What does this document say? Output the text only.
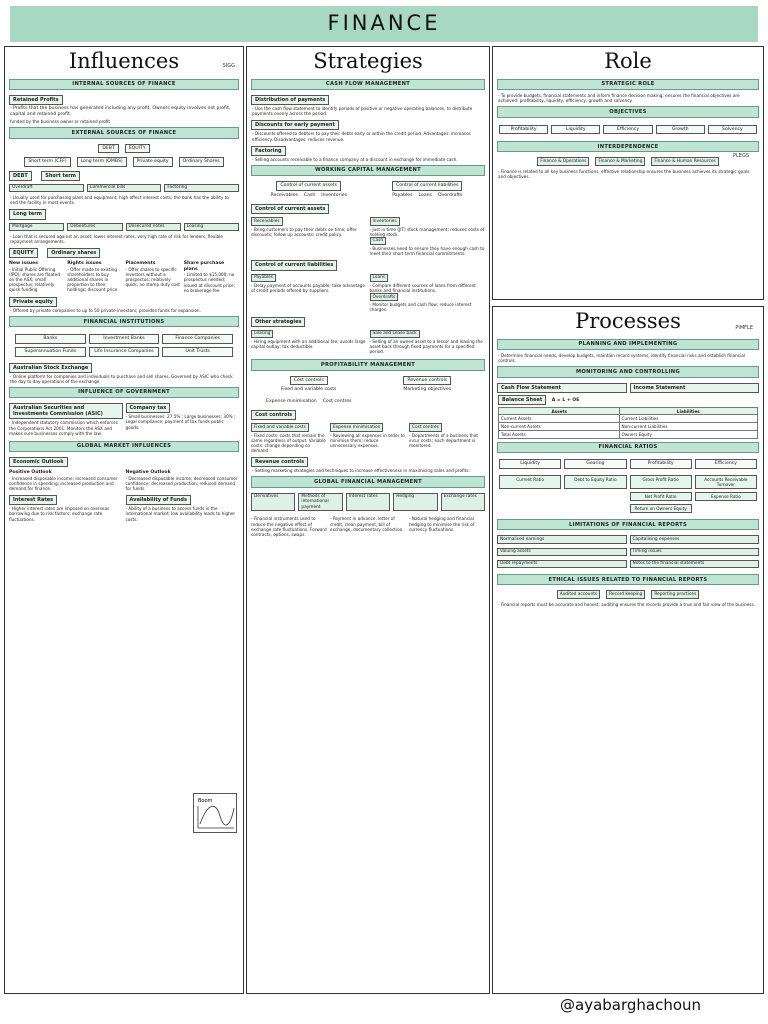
FINANCE
SIGG
Influences
INTERNAL SOURCES OF FINANCE
Retained Profits
- Profits that the business has generated including any profit. Owners equity involves not profit, capital and retained profit.
funded by the business owner or retained profit
EXTERNAL SOURCES OF FINANCE
DEBT	EQUITY
Short term (CFF)	Long term (OMBS)	Private equity	Ordinary Shares
DEBT	Short term
Overdraft	Commercial bills	Factoring
- Usually used for purchasing plant and equipment; high effect interest costs; the bank has the ability to end the facility in most events.
Long term
Mortgage	Debentures	Unsecured notes	Leasing
- Loan that is secured against an asset; lower interest rates, very high rate of risk for lenders, flexible repayment arrangements.
EQUITY	Ordinary shares
New issues
- Initial Public Offering (IPO); shares are floated on the ASX; small prospectus; relatively quick funding
Rights issues
- Offer made to existing shareholders to buy additional shares in proportion to their holdings; discount price
Placements
- Offer shares to specific investors without a prospectus; relatively quick; no stamp duty cost
Share purchase plans
- Limited to $15,000; no prospectus needed; issued at discount price; no brokerage fee
Private equity
- Offered by private companies to up to 50 private investors; provides funds for expansion.
FINANCIAL INSTITUTIONS
Banks	Investment Banks	Finance Companies
Superannuation Funds	Life Insurance Companies	Unit Trusts
Australian Stock Exchange
- Online platform for companies and individuals to purchase and sell shares. Governed by ASIC who check the day to day operations of the exchange.
INFLUENCE OF GOVERNMENT
Australian Securities and Investments Commission (ASIC)
- Independent statutory commission which enforces the Corporations Act 2001. Monitors the ASX and makes sure businesses comply with the law.
Company tax
- Small businesses: 27.5% ; Large businesses: 30% ; Legal compliance; payment of tax funds public goods.
GLOBAL MARKET INFLUENCES
Economic Outlook
Positive Outlook
- Increased disposable income; increased consumer confidence in spending; increased production and demand for finance.
Negative Outlook
- Decreased disposable income; decreased consumer confidence; decreased production; reduced demand for funds.
Interest Rates
- Higher interest rates are imposed on overseas borrowing due to risk factors; exchange rate fluctuations.
Availability of Funds
- Ability of a business to access funds in the international market; low availability leads to higher costs.
Boom
Strategies
CASH FLOW MANAGEMENT
Distribution of payments
- Use the cash flow statement to identify periods of positive or negative operating balances, to distribute payments evenly across the period.
Discounts for early payment
- Discounts offered to debtors to pay their debts early or within the credit period. Advantages: increases efficiency. Disadvantages: reduces revenue.
Factoring
- Selling accounts receivable to a finance company at a discount in exchange for immediate cash.
WORKING CAPITAL MANAGEMENT
Control of current assets
Receivables Cash Inventories
Control of current liabilities
Payables Loans Overdrafts
Control of current assets
Receivables
- Bring customers to pay their debts on time; offer discounts; follow up accounts; credit policy.
Inventories
- Just in time (JIT) stock management; reduces costs of holding stock.
Cash
- Businesses need to ensure they have enough cash to meet their short term financial commitments.
Control of current liabilities
Payables
- Delay payment of accounts payable; take advantage of credit periods offered by suppliers.
Loans
- Compare different sources of loans from different banks and financial institutions.
Overdrafts
- Monitor budgets and cash flow; reduce interest charges.
Other strategies
Leasing
- Hiring equipment with an additional fee; avoids large capital outlay; tax deductible.
Sale and Lease back
- Selling of an owned asset to a lessor and leasing the asset back through fixed payments for a specified period.
PROFITABILITY MANAGEMENT
Cost controls
Fixed and variable costs
Expense minimisation Cost centres
Revenue controls
Marketing objectives
Cost controls
Fixed and variable costs
- Fixed costs: costs that remain the same regardless of output. Variable costs: change depending on demand.
Expense minimisation
- Reviewing all expenses in order to minimise them; reduce unnecessary expenses.
Cost centres
- Departments of a business that incur costs; each department is monitored.
Revenue controls
- Setting marketing strategies and techniques to increase effectiveness in maximising sales and profits.
GLOBAL FINANCIAL MANAGEMENT
Derivatives	Methods of international payment
Interest rates	Hedging	Exchange rates
- Financial instruments used to reduce the negative effect of exchange rate fluctuations. Forward contracts, options, swaps.
- Payment in advance, letter of credit, clean payment, bill of exchange, documentary collection.
- Natural hedging and financial hedging to minimise the risk of currency fluctuations.
Role
STRATEGIC ROLE
- To provide budgets, financial statements and inform finance decision making; ensures the financial objectives are achieved: profitability, liquidity, efficiency, growth and solvency.
OBJECTIVES
PLEGS
Profitability	Liquidity	Efficiency	Growth	Solvency
INTERDEPENDENCE
Finance & Operations	Finance & Marketing	Finance & Human Resources
- Finance is related to all key business functions; effective relationship ensures the business achieves its strategic goals and objectives.
PIMFLE
Processes
PLANNING AND IMPLEMENTING
- Determine financial needs, develop budgets, maintain record systems, identify financial risks and establish financial controls.
MONITORING AND CONTROLLING
Cash Flow Statement	Income Statement
Balance Sheet A = L + OE
Assets	Liabilities
Current Assets	Current Liabilities
Non-current Assets	Non-current Liabilities
Total Assets	Owners Equity
FINANCIAL RATIOS
Liquidity	Gearing	Profitability	Efficiency
Current Ratio	Debt to Equity Ratio	Gross Profit Ratio	Accounts Receivable Turnover
Net Profit Ratio	Expense Ratio
Return on Owners Equity
LIMITATIONS OF FINANCIAL REPORTS
Normalised earnings	Capitalising expenses
Valuing assets	Timing issues
Debt repayments	Notes to the financial statements
ETHICAL ISSUES RELATED TO FINANCIAL REPORTS
Audited accounts	Record keeping	Reporting practices
- Financial reports must be accurate and honest; auditing ensures the records provide a true and fair view of the business.
@ayabarghachoun
